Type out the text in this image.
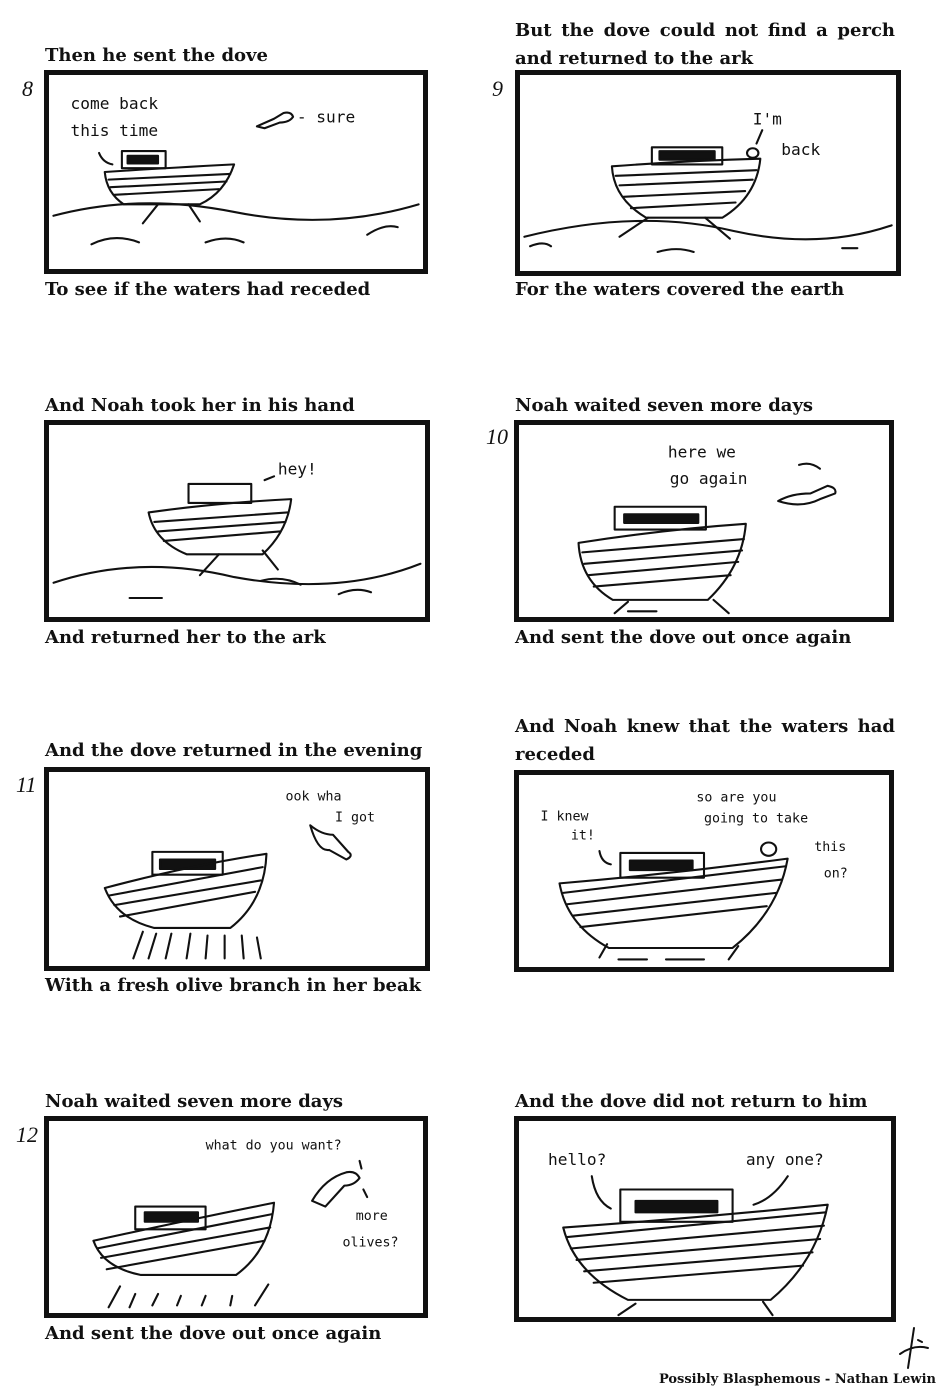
Then he sent the dove
8
come back
this time
- sure
To see if the waters had receded
But the dove could not find a perch and returned to the ark
9
I'm
back
For the waters covered the earth
And Noah took her in his hand
hey!
And returned her to the ark
Noah waited seven more days
10
here we
go again
And sent the dove out once again
And the dove returned in the evening
11
ook wha
I got
With a fresh olive branch in her beak
And Noah knew that the waters had receded
I knew
it!
so are you
going to take
this
on?
Noah waited seven more days
12	what do you want?
more
olives?
And sent the dove out once again
And the dove did not return to him
hello?	any one?
Possibly Blasphemous - Nathan Lewin
